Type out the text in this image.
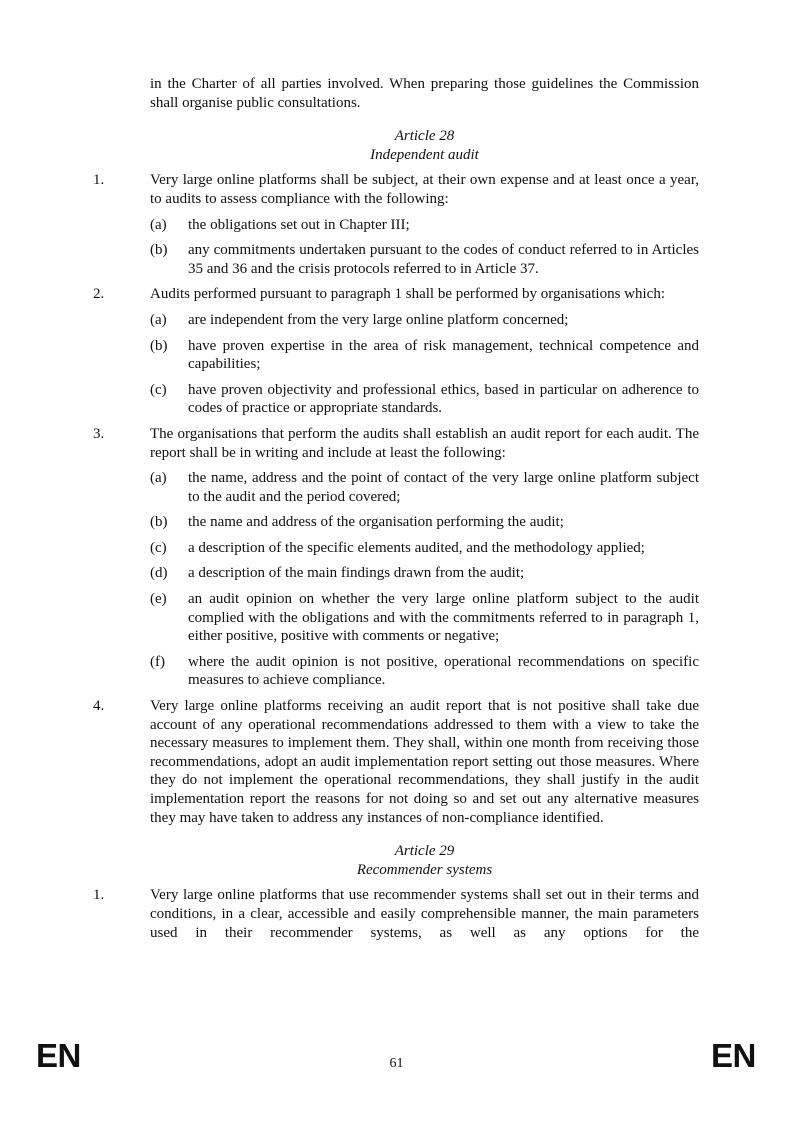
in the Charter of all parties involved. When preparing those guidelines the Commission shall organise public consultations.

Article 28

Independent audit

1.	Very large online platforms shall be subject, at their own expense and at least once a year, to audits to assess compliance with the following:

(a) the obligations set out in Chapter III;

(b) any commitments undertaken pursuant to the codes of conduct referred to in Articles 35 and 36 and the crisis protocols referred to in Article 37.

2.	Audits performed pursuant to paragraph 1 shall be performed by organisations which:

(a) are independent from the very large online platform concerned;

(b) have proven expertise in the area of risk management, technical competence and capabilities;

(c) have proven objectivity and professional ethics, based in particular on adherence to codes of practice or appropriate standards.

3.	The organisations that perform the audits shall establish an audit report for each audit. The report shall be in writing and include at least the following:

(a) the name, address and the point of contact of the very large online platform subject to the audit and the period covered;

(b) the name and address of the organisation performing the audit;

(c) a description of the specific elements audited, and the methodology applied;

(d) a description of the main findings drawn from the audit;

(e) an audit opinion on whether the very large online platform subject to the audit complied with the obligations and with the commitments referred to in paragraph 1, either positive, positive with comments or negative;

(f) where the audit opinion is not positive, operational recommendations on specific measures to achieve compliance.

4.	Very large online platforms receiving an audit report that is not positive shall take due account of any operational recommendations addressed to them with a view to take the necessary measures to implement them. They shall, within one month from receiving those recommendations, adopt an audit implementation report setting out those measures. Where they do not implement the operational recommendations, they shall justify in the audit implementation report the reasons for not doing so and set out any alternative measures they may have taken to address any instances of non-compliance identified.

Article 29

Recommender systems

1.	Very large online platforms that use recommender systems shall set out in their terms and conditions, in a clear, accessible and easily comprehensible manner, the main parameters used in their recommender systems, as well as any options for the

EN	61	EN
